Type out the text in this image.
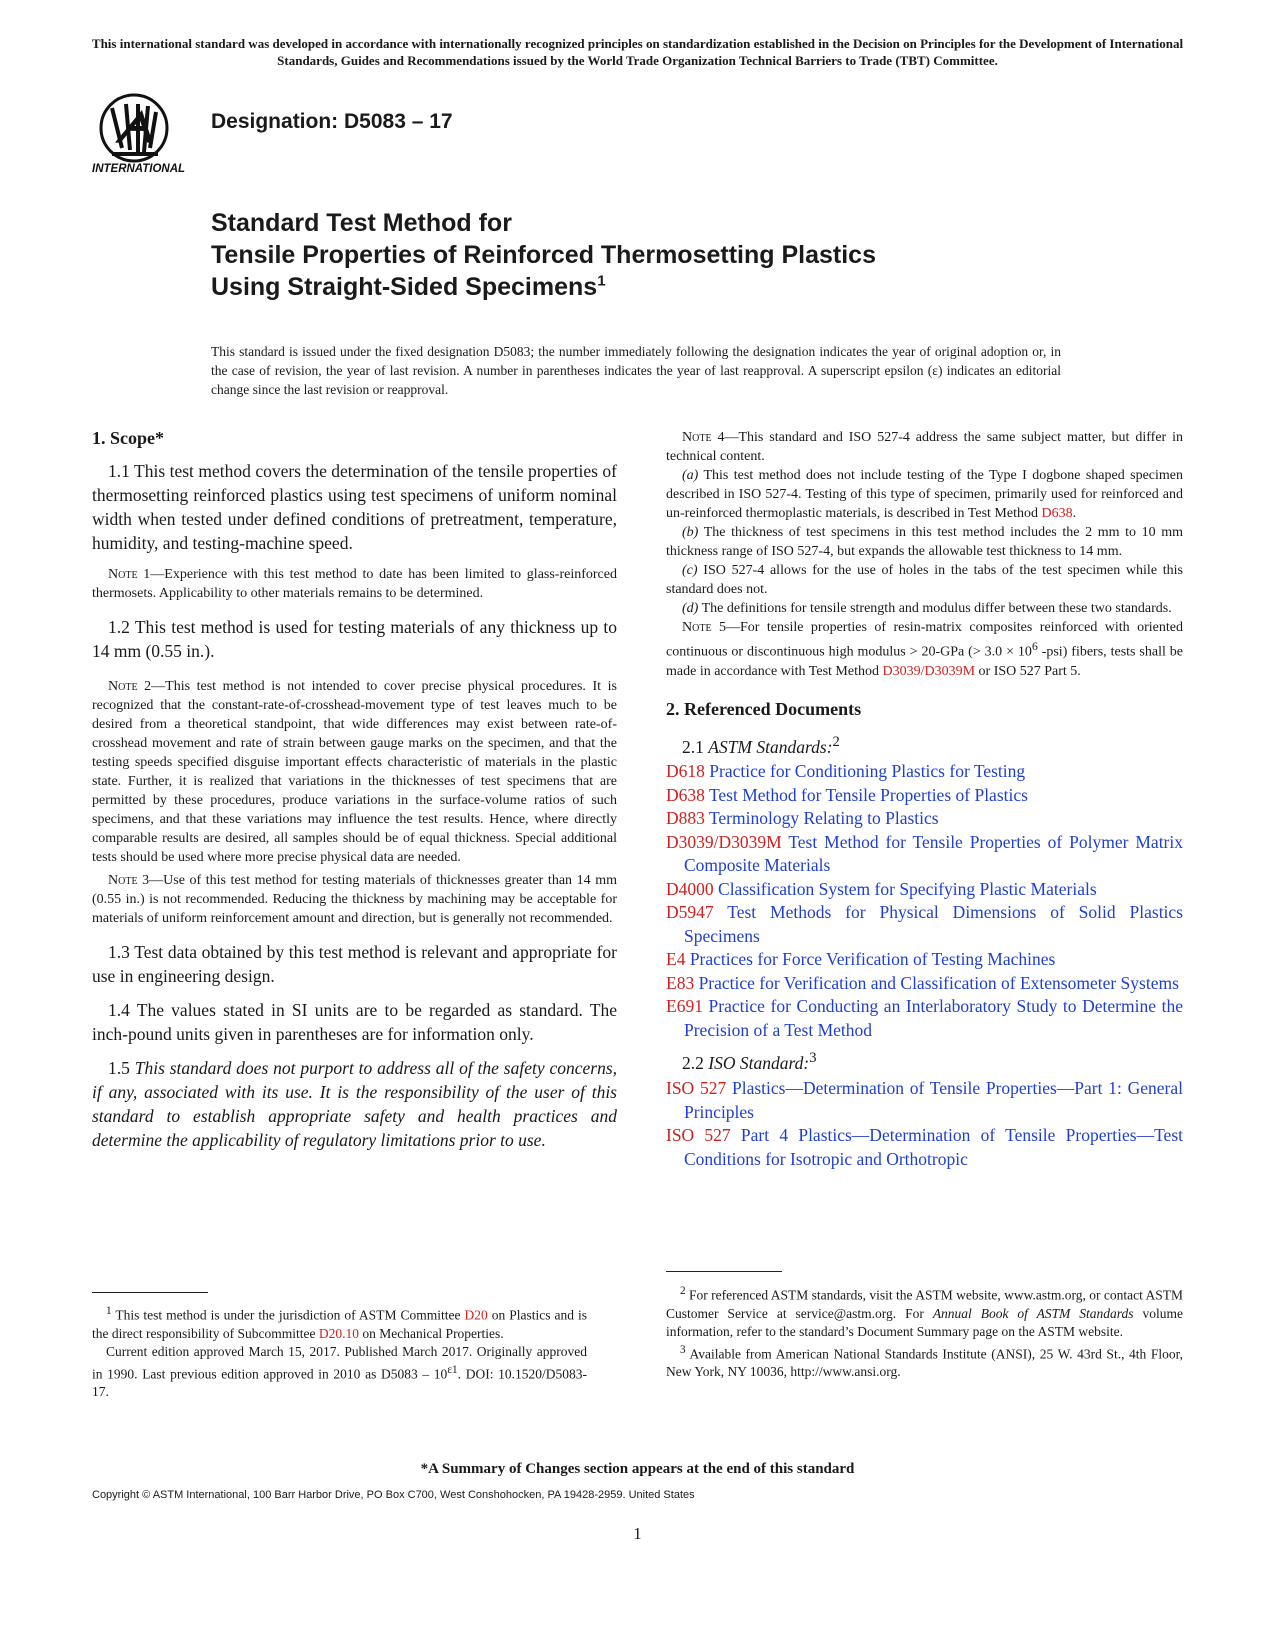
This international standard was developed in accordance with internationally recognized principles on standardization established in the Decision on Principles for the Development of International Standards, Guides and Recommendations issued by the World Trade Organization Technical Barriers to Trade (TBT) Committee.
ᗅ
INTERNATIONAL
Designation: D5083 – 17
Standard Test Method for
Tensile Properties of Reinforced Thermosetting Plastics
Using Straight-Sided Specimens$^1$
This standard is issued under the fixed designation D5083; the number immediately following the designation indicates the year of original adoption or, in the case of revision, the year of last revision. A number in parentheses indicates the year of last reapproval. A superscript epsilon (ε) indicates an editorial change since the last revision or reapproval.
1. Scope*

1.1 This test method covers the determination of the tensile properties of thermosetting reinforced plastics using test specimens of uniform nominal width when tested under defined conditions of pretreatment, temperature, humidity, and testing-machine speed.

Note 1—Experience with this test method to date has been limited to glass-reinforced thermosets. Applicability to other materials remains to be determined.

1.2 This test method is used for testing materials of any thickness up to 14 mm (0.55 in.).

Note 2—This test method is not intended to cover precise physical procedures. It is recognized that the constant-rate-of-crosshead-movement type of test leaves much to be desired from a theoretical standpoint, that wide differences may exist between rate-of-crosshead movement and rate of strain between gauge marks on the specimen, and that the testing speeds specified disguise important effects characteristic of materials in the plastic state. Further, it is realized that variations in the thicknesses of test specimens that are permitted by these procedures, produce variations in the surface-volume ratios of such specimens, and that these variations may influence the test results. Hence, where directly comparable results are desired, all samples should be of equal thickness. Special additional tests should be used where more precise physical data are needed.

Note 3—Use of this test method for testing materials of thicknesses greater than 14 mm (0.55 in.) is not recommended. Reducing the thickness by machining may be acceptable for materials of uniform reinforcement amount and direction, but is generally not recommended.

1.3 Test data obtained by this test method is relevant and appropriate for use in engineering design.

1.4 The values stated in SI units are to be regarded as standard. The inch-pound units given in parentheses are for information only.

1.5 This standard does not purport to address all of the safety concerns, if any, associated with its use. It is the responsibility of the user of this standard to establish appropriate safety and health practices and determine the applicability of regulatory limitations prior to use.

Note 4—This standard and ISO 527-4 address the same subject matter, but differ in technical content.

(a) This test method does not include testing of the Type I dogbone shaped specimen described in ISO 527-4. Testing of this type of specimen, primarily used for reinforced and un-reinforced thermoplastic materials, is described in Test Method D638.

(b) The thickness of test specimens in this test method includes the 2 mm to 10 mm thickness range of ISO 527-4, but expands the allowable test thickness to 14 mm.

(c) ISO 527-4 allows for the use of holes in the tabs of the test specimen while this standard does not.

(d) The definitions for tensile strength and modulus differ between these two standards.

Note 5—For tensile properties of resin-matrix composites reinforced with oriented continuous or discontinuous high modulus > 20-GPa (> $3.0 \times 10^6$ -psi) fibers, tests shall be made in accordance with Test Method D3039/D3039M or ISO 527 Part 5.

2. Referenced Documents
2.1 ASTM Standards:$^2$

D618 Practice for Conditioning Plastics for Testing

D638 Test Method for Tensile Properties of Plastics

D883 Terminology Relating to Plastics

D3039/D3039M Test Method for Tensile Properties of Polymer Matrix Composite Materials

D4000 Classification System for Specifying Plastic Materials

D5947 Test Methods for Physical Dimensions of Solid Plastics Specimens

E4 Practices for Force Verification of Testing Machines

E83 Practice for Verification and Classification of Extensometer Systems

E691 Practice for Conducting an Interlaboratory Study to Determine the Precision of a Test Method

2.2 ISO Standard:$^3$

ISO 527 Plastics—Determination of Tensile Properties—Part 1: General Principles

ISO 527 Part 4 Plastics—Determination of Tensile Properties—Test Conditions for Isotropic and Orthotropic

$^1$ This test method is under the jurisdiction of ASTM Committee D20 on Plastics and is the direct responsibility of Subcommittee D20.10 on Mechanical Properties.

Current edition approved March 15, 2017. Published March 2017. Originally approved in 1990. Last previous edition approved in 2010 as $D5083 - 10^{\varepsilon 1}$. DOI: 10.1520/D5083-17.

$^2$ For referenced ASTM standards, visit the ASTM website, www.astm.org, or contact ASTM Customer Service at service@astm.org. For Annual Book of ASTM Standards volume information, refer to the standard’s Document Summary page on the ASTM website.

$^3$ Available from American National Standards Institute (ANSI), 25 W. 43rd St., 4th Floor, New York, NY 10036, http://www.ansi.org.

*A Summary of Changes section appears at the end of this standard
Copyright © ASTM International, 100 Barr Harbor Drive, PO Box C700, West Conshohocken, PA 19428-2959. United States
1
